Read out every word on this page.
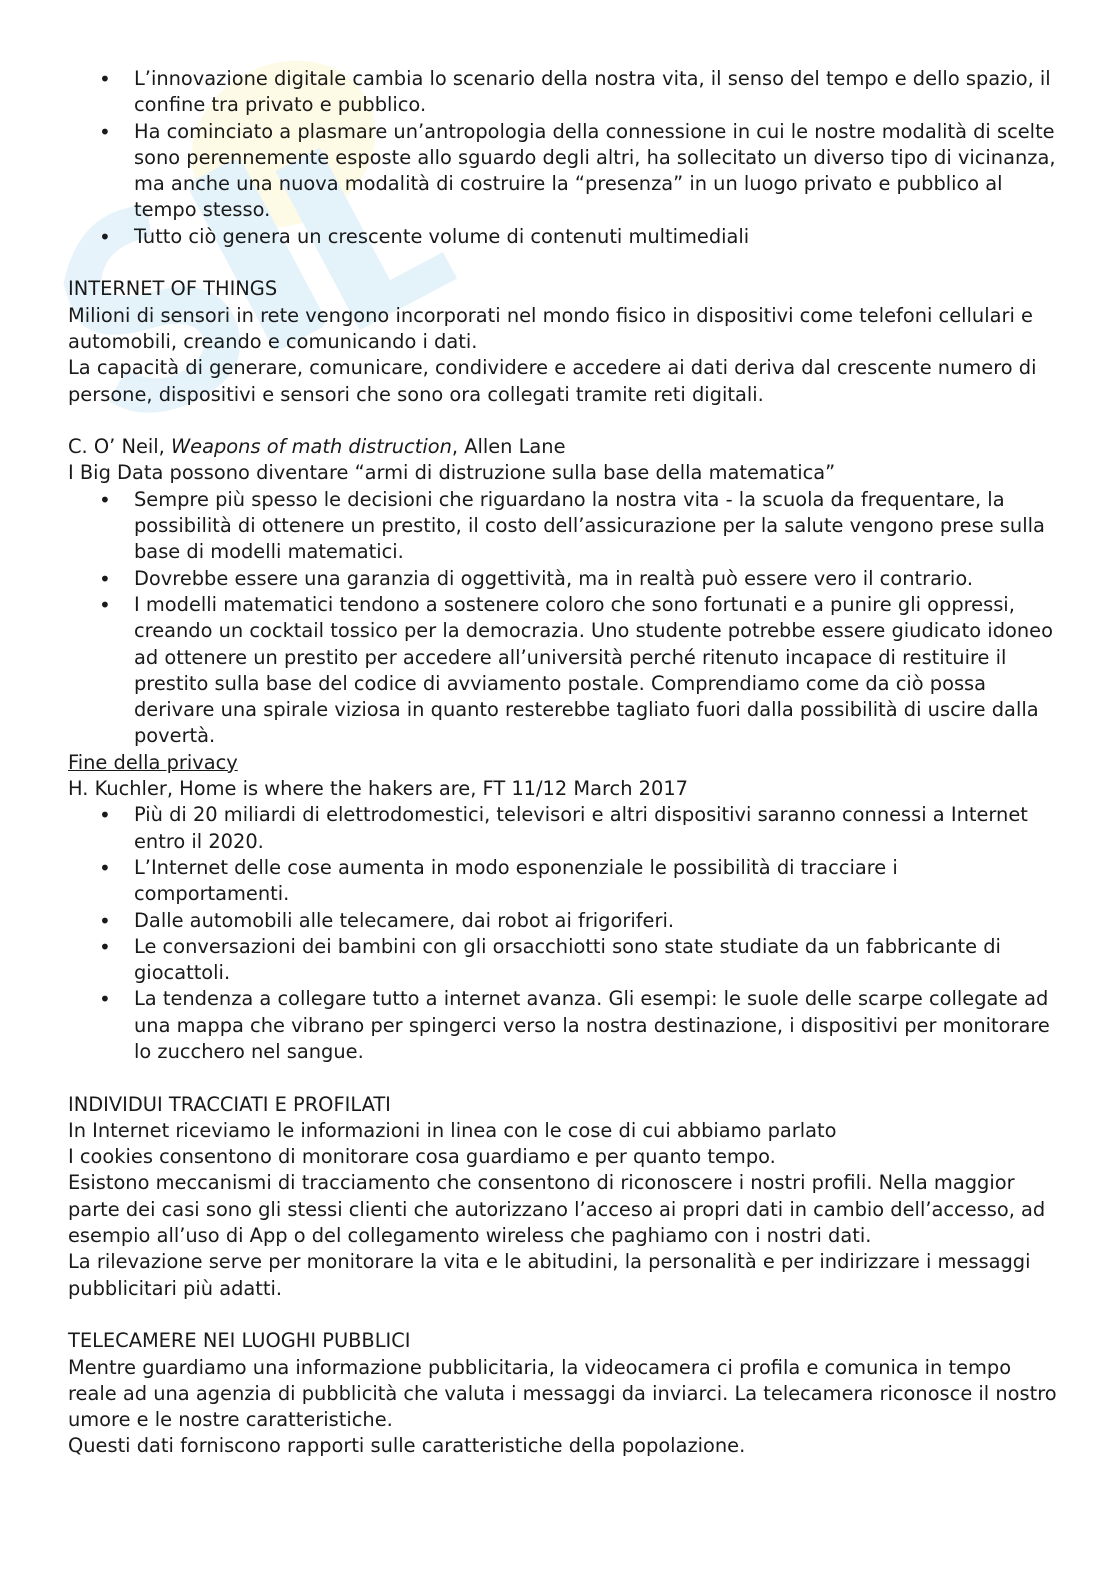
• L’innovazione digitale cambia lo scenario della nostra vita, il senso del tempo e dello spazio, il confine tra privato e pubblico.
• Ha cominciato a plasmare un’antropologia della connessione in cui le nostre modalità di scelte sono perennemente esposte allo sguardo degli altri, ha sollecitato un diverso tipo di vicinanza, ma anche una nuova modalità di costruire la “presenza” in un luogo privato e pubblico al tempo stesso.
• Tutto ciò genera un crescente volume di contenuti multimediali

INTERNET OF THINGS

Milioni di sensori in rete vengono incorporati nel mondo fisico in dispositivi come telefoni cellulari e automobili, creando e comunicando i dati.

La capacità di generare, comunicare, condividere e accedere ai dati deriva dal crescente numero di persone, dispositivi e sensori che sono ora collegati tramite reti digitali.

C. O’ Neil, Weapons of math distruction, Allen Lane

I Big Data possono diventare “armi di distruzione sulla base della matematica”

• Sempre più spesso le decisioni che riguardano la nostra vita - la scuola da frequentare, la possibilità di ottenere un prestito, il costo dell’assicurazione per la salute vengono prese sulla base di modelli matematici.
• Dovrebbe essere una garanzia di oggettività, ma in realtà può essere vero il contrario.
• I modelli matematici tendono a sostenere coloro che sono fortunati e a punire gli oppressi, creando un cocktail tossico per la democrazia. Uno studente potrebbe essere giudicato idoneo ad ottenere un prestito per accedere all’università perché ritenuto incapace di restituire il prestito sulla base del codice di avviamento postale. Comprendiamo come da ciò possa derivare una spirale viziosa in quanto resterebbe tagliato fuori dalla possibilità di uscire dalla povertà.

Fine della privacy

H. Kuchler, Home is where the hakers are, FT 11/12 March 2017

• Più di 20 miliardi di elettrodomestici, televisori e altri dispositivi saranno connessi a Internet entro il 2020.
• L’Internet delle cose aumenta in modo esponenziale le possibilità di tracciare i comportamenti.
• Dalle automobili alle telecamere, dai robot ai frigoriferi.
• Le conversazioni dei bambini con gli orsacchiotti sono state studiate da un fabbricante di giocattoli.
• La tendenza a collegare tutto a internet avanza. Gli esempi: le suole delle scarpe collegate ad una mappa che vibrano per spingerci verso la nostra destinazione, i dispositivi per monitorare lo zucchero nel sangue.

INDIVIDUI TRACCIATI E PROFILATI

In Internet riceviamo le informazioni in linea con le cose di cui abbiamo parlato

I cookies consentono di monitorare cosa guardiamo e per quanto tempo.

Esistono meccanismi di tracciamento che consentono di riconoscere i nostri profili. Nella maggior parte dei casi sono gli stessi clienti che autorizzano l’acceso ai propri dati in cambio dell’accesso, ad esempio all’uso di App o del collegamento wireless che paghiamo con i nostri dati.

La rilevazione serve per monitorare la vita e le abitudini, la personalità e per indirizzare i messaggi pubblicitari più adatti.

TELECAMERE NEI LUOGHI PUBBLICI

Mentre guardiamo una informazione pubblicitaria, la videocamera ci profila e comunica in tempo reale ad una agenzia di pubblicità che valuta i messaggi da inviarci. La telecamera riconosce il nostro umore e le nostre caratteristiche.

Questi dati forniscono rapporti sulle caratteristiche della popolazione.
